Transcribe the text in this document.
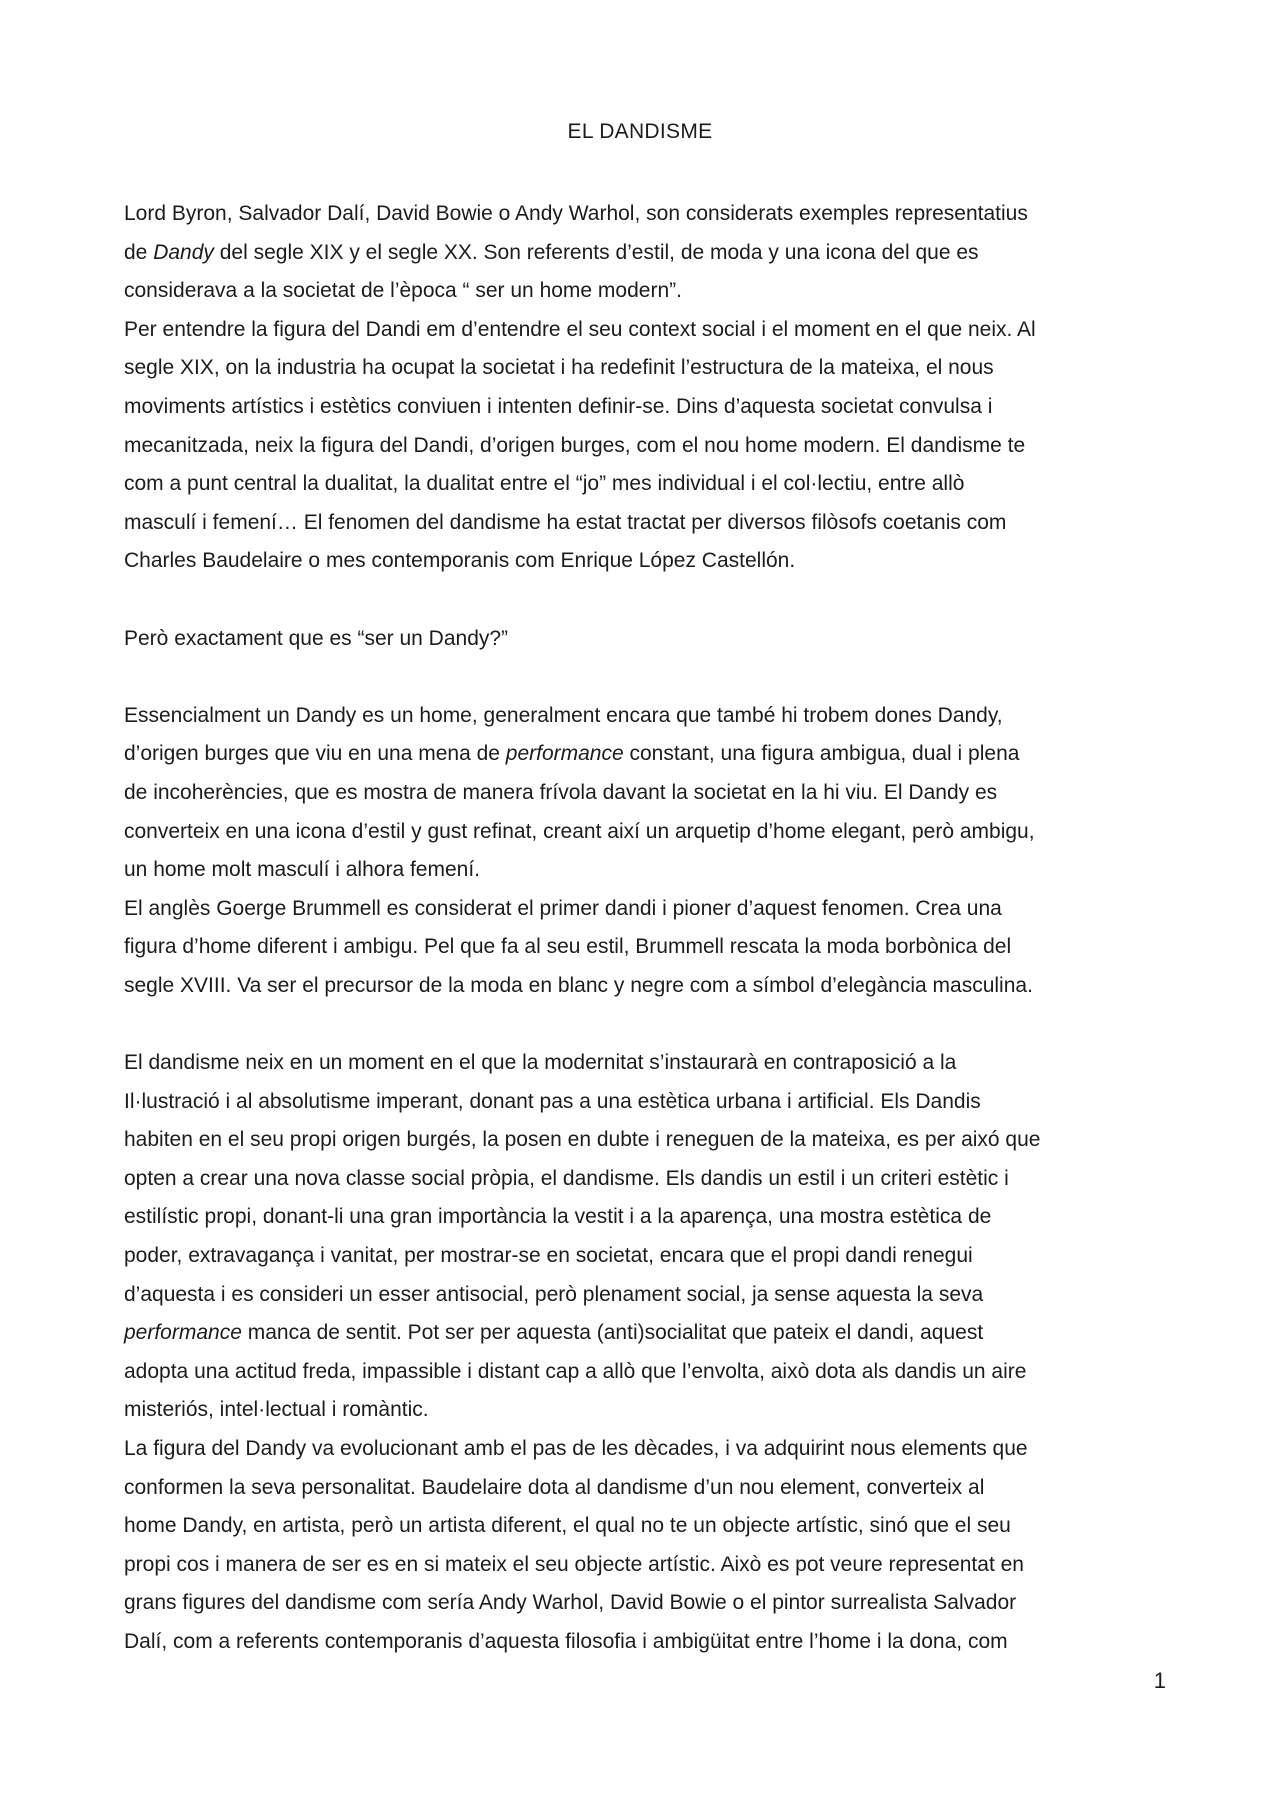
EL DANDISME
Lord Byron, Salvador Dalí, David Bowie o Andy Warhol, son considerats exemples representatius
de Dandy del segle XIX y el segle XX. Son referents d’estil, de moda y una icona del que es
considerava a la societat de l’època “ ser un home modern”.
Per entendre la figura del Dandi em d’entendre el seu context social i el moment en el que neix. Al
segle XIX, on la industria ha ocupat la societat i ha redefinit l’estructura de la mateixa, el nous
moviments artístics i estètics conviuen i intenten definir-se. Dins d’aquesta societat convulsa i
mecanitzada, neix la figura del Dandi, d’origen burges, com el nou home modern. El dandisme te
com a punt central la dualitat, la dualitat entre el “jo” mes individual i el col·lectiu, entre allò
masculí i femení… El fenomen del dandisme ha estat tractat per diversos filòsofs coetanis com
Charles Baudelaire o mes contemporanis com Enrique López Castellón.
Però exactament que es “ser un Dandy?”
Essencialment un Dandy es un home, generalment encara que també hi trobem dones Dandy,
d’origen burges que viu en una mena de performance constant, una figura ambigua, dual i plena
de incoherències, que es mostra de manera frívola davant la societat en la hi viu. El Dandy es
converteix en una icona d’estil y gust refinat, creant així un arquetip d’home elegant, però ambigu,
un home molt masculí i alhora femení.
El anglès Goerge Brummell es considerat el primer dandi i pioner d’aquest fenomen. Crea una
figura d’home diferent i ambigu. Pel que fa al seu estil, Brummell rescata la moda borbònica del
segle XVIII. Va ser el precursor de la moda en blanc y negre com a símbol d’elegància masculina.
El dandisme neix en un moment en el que la modernitat s’instaurarà en contraposició a la
Il·lustració i al absolutisme imperant, donant pas a una estètica urbana i artificial. Els Dandis
habiten en el seu propi origen burgés, la posen en dubte i reneguen de la mateixa, es per aixó que
opten a crear una nova classe social pròpia, el dandisme. Els dandis un estil i un criteri estètic i
estilístic propi, donant-li una gran importància la vestit i a la aparença, una mostra estètica de
poder, extravagança i vanitat, per mostrar-se en societat, encara que el propi dandi renegui
d’aquesta i es consideri un esser antisocial, però plenament social, ja sense aquesta la seva
performance manca de sentit. Pot ser per aquesta (anti)socialitat que pateix el dandi, aquest
adopta una actitud freda, impassible i distant cap a allò que l’envolta, això dota als dandis un aire
misteriós, intel·lectual i romàntic.
La figura del Dandy va evolucionant amb el pas de les dècades, i va adquirint nous elements que
conformen la seva personalitat. Baudelaire dota al dandisme d’un nou element, converteix al
home Dandy, en artista, però un artista diferent, el qual no te un objecte artístic, sinó que el seu
propi cos i manera de ser es en si mateix el seu objecte artístic. Això es pot veure representat en
grans figures del dandisme com sería Andy Warhol, David Bowie o el pintor surrealista Salvador
Dalí, com a referents contemporanis d’aquesta filosofia i ambigüitat entre l’home i la dona, com
1
